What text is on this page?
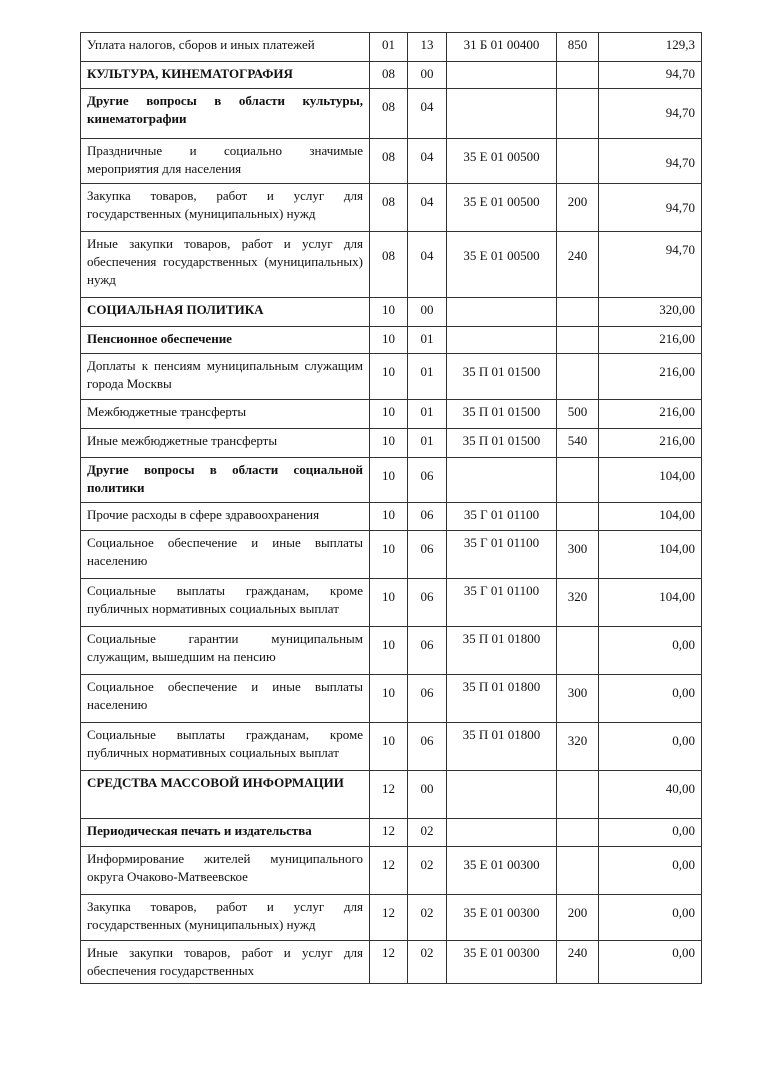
Уплата налогов, сборов и иных платежей	01	13	31 Б 01 00400	850	129,3
КУЛЬТУРА, КИНЕМАТОГРАФИЯ	08	00			94,70
Другие вопросы в области культуры, кинематографии	08	04			94,70

Праздничные и социально значимые мероприятия для населения	08	04	35 Е 01 00500		94,70

Закупка товаров, работ и услуг для государственных (муниципальных) нужд	08	04	35 Е 01 00500	200	94,70

Иные закупки товаров, работ и услуг для обеспечения государственных (муниципальных) нужд	08	04	35 Е 01 00500	240	94,70

СОЦИАЛЬНАЯ ПОЛИТИКА	10	00			320,00
Пенсионное обеспечение	10	01			216,00
Доплаты к пенсиям муниципальным служащим города Москвы	10	01	35 П 01 01500		216,00

Межбюджетные трансферты	10	01	35 П 01 01500	500	216,00
Иные межбюджетные трансферты	10	01	35 П 01 01500	540	216,00
Другие вопросы в области социальной политики	10	06			104,00

Прочие расходы в сфере здравоохранения	10	06	35 Г 01 01100		104,00
Социальное обеспечение и иные выплаты населению	10	06	35 Г 01 01100	300	104,00

Социальные выплаты гражданам, кроме публичных нормативных социальных выплат	10	06	35 Г 01 01100	320	104,00

Социальные гарантии муниципальным служащим, вышедшим на пенсию	10	06	35 П 01 01800		0,00

Социальное обеспечение и иные выплаты населению	10	06	35 П 01 01800	300	0,00

Социальные выплаты гражданам, кроме публичных нормативных социальных выплат	10	06	35 П 01 01800	320	0,00

СРЕДСТВА МАССОВОЙ ИНФОРМАЦИИ	12	00			40,00

Периодическая печать и издательства	12	02			0,00
Информирование жителей муниципального округа Очаково-Матвеевское	12	02	35 Е 01 00300		0,00

Закупка товаров, работ и услуг для государственных (муниципальных) нужд	12	02	35 Е 01 00300	200	0,00

Иные закупки товаров, работ и услуг для обеспечения государственных	12	02	35 Е 01 00300	240	0,00
